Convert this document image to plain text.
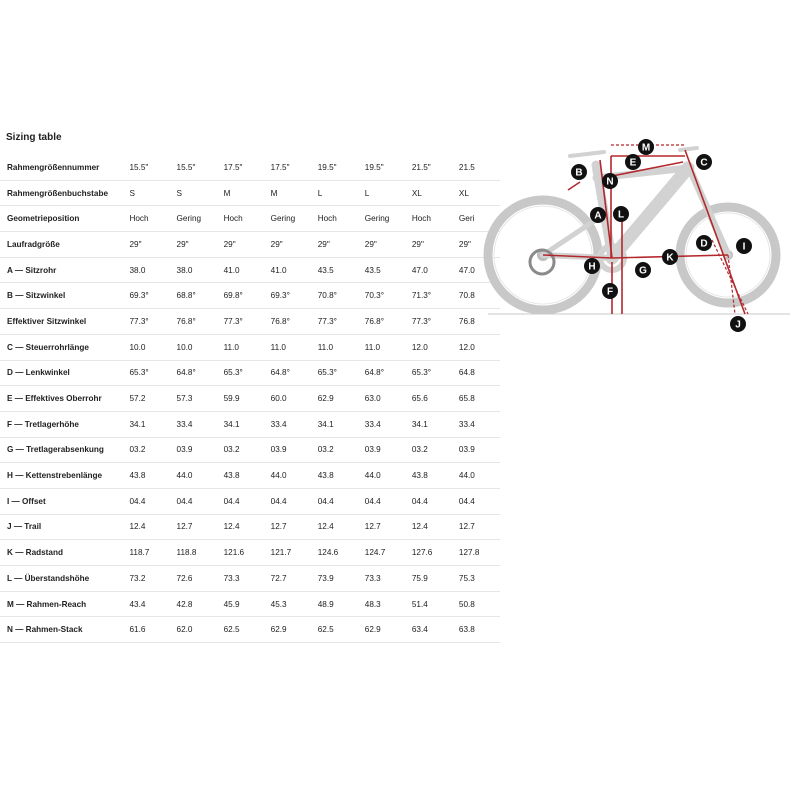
Sizing table
Rahmengrößennummer	15.5"	15.5"	17.5"	17.5"	19.5"	19.5"	21.5"	21.5
Rahmengrößenbuchstabe	S	S	M	M	L	L	XL	XL
Geometrieposition	Hoch	Gering	Hoch	Gering	Hoch	Gering	Hoch	Geri
Laufradgröße	29"	29"	29"	29"	29"	29"	29"	29"
A — Sitzrohr	38.0	38.0	41.0	41.0	43.5	43.5	47.0	47.0
B — Sitzwinkel	69.3°	68.8°	69.8°	69.3°	70.8°	70.3°	71.3°	70.8
Effektiver Sitzwinkel	77.3°	76.8°	77.3°	76.8°	77.3°	76.8°	77.3°	76.8
C — Steuerrohrlänge	10.0	10.0	11.0	11.0	11.0	11.0	12.0	12.0
D — Lenkwinkel	65.3°	64.8°	65.3°	64.8°	65.3°	64.8°	65.3°	64.8
E — Effektives Oberrohr	57.2	57.3	59.9	60.0	62.9	63.0	65.6	65.8
F — Tretlagerhöhe	34.1	33.4	34.1	33.4	34.1	33.4	34.1	33.4
G — Tretlagerabsenkung	03.2	03.9	03.2	03.9	03.2	03.9	03.2	03.9
H — Kettenstrebenlänge	43.8	44.0	43.8	44.0	43.8	44.0	43.8	44.0
I — Offset	04.4	04.4	04.4	04.4	04.4	04.4	04.4	04.4
J — Trail	12.4	12.7	12.4	12.7	12.4	12.7	12.4	12.7
K — Radstand	118.7	118.8	121.6	121.7	124.6	124.7	127.6	127.8
L — Überstandshöhe	73.2	72.6	73.3	72.7	73.9	73.3	75.9	75.3
M — Rahmen-Reach	43.4	42.8	45.9	45.3	48.9	48.3	51.4	50.8
N — Rahmen-Stack	61.6	62.0	62.5	62.9	62.5	62.9	63.4	63.8
M
E	C
B
N
A L
D	I
H	G
K
F
J
